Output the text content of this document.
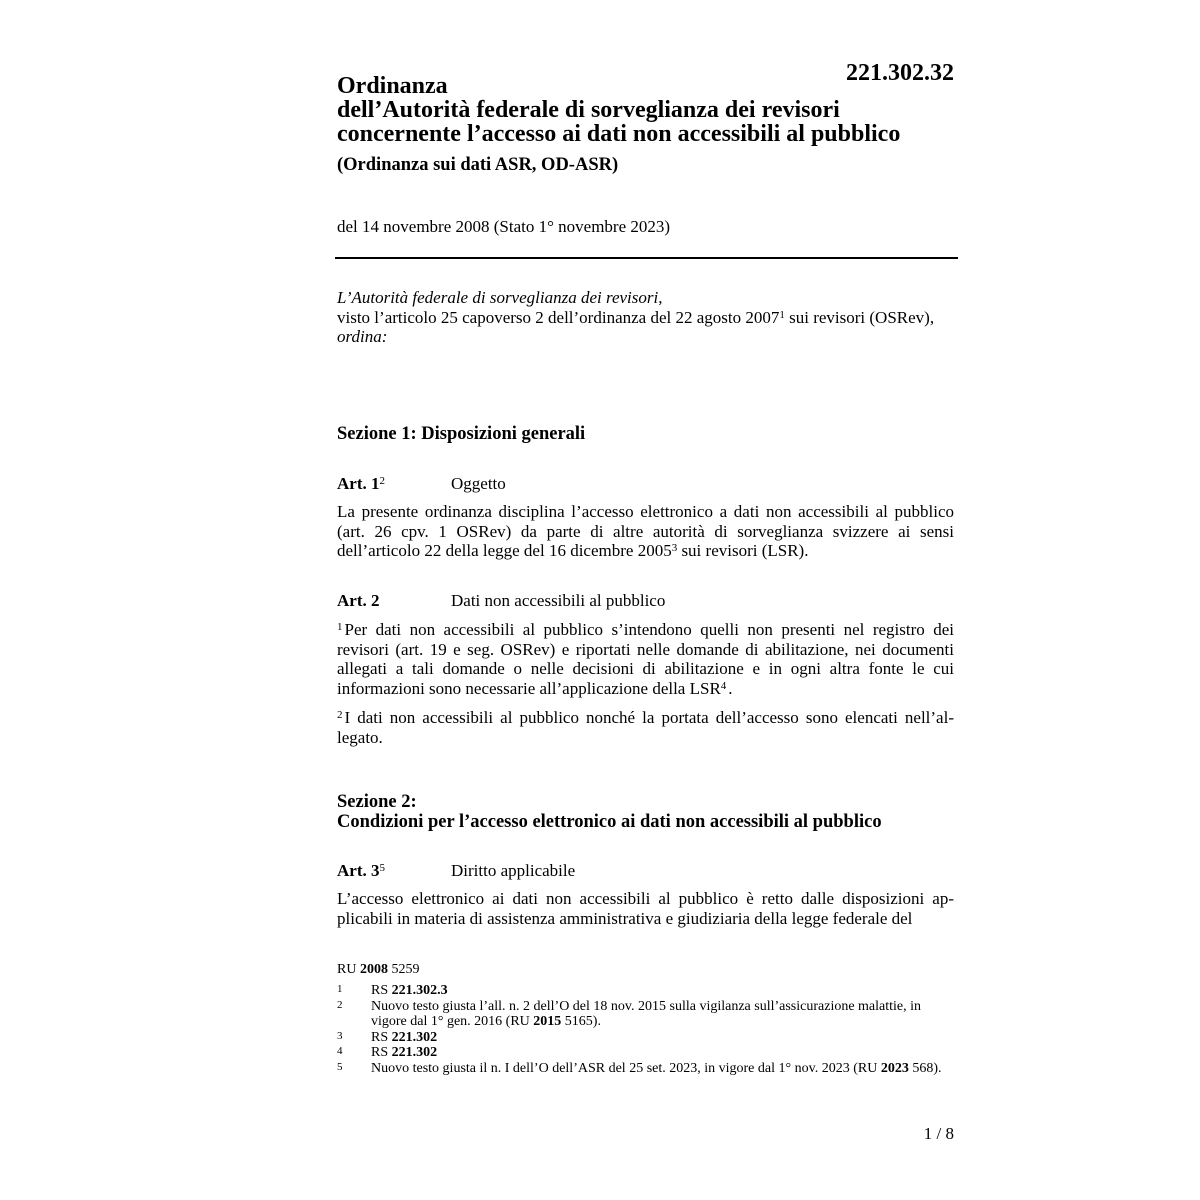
221.302.32
Ordinanza
dell’Autorità federale di sorveglianza dei revisori
concernente l’accesso ai dati non accessibili al pubblico
(Ordinanza sui dati ASR, OD-ASR)
del 14 novembre 2008 (Stato 1° novembre 2023)
L’Autorità federale di sorveglianza dei revisori,
visto l’articolo 25 capoverso 2 dell’ordinanza del 22 agosto 2007$^1$ sui revisori (OSRev),
ordina:
Sezione 1: Disposizioni generali
Art. $1^2$	Oggetto
La presente ordinanza disciplina l’accesso elettronico a dati non accessibili al pubblico (art. 26 cpv. 1 OSRev) da parte di altre autorità di sorveglianza svizzere ai sensi dell’articolo 22 della legge del 16 dicembre 2005$^3$ sui revisori (LSR).
Art. 2	Dati non accessibili al pubblico
$^1$ Per dati non accessibili al pubblico s’intendono quelli non presenti nel registro dei revisori (art. 19 e seg. OSRev) e riportati nelle domande di abilitazione, nei documenti allegati a tali domande o nelle decisioni di abilitazione e in ogni altra fonte le cui informazioni sono necessarie all’applicazione della LSR$^4$ .
$^2$ I dati non accessibili al pubblico nonché la portata dell’accesso sono elencati nell’allegato.
Sezione 2:
Condizioni per l’accesso elettronico ai dati non accessibili al pubblico
Art. $3^5$	Diritto applicabile
L’accesso elettronico ai dati non accessibili al pubblico è retto dalle disposizioni applicabili in materia di assistenza amministrativa e giudiziaria della legge federale del
RU 2008 5259
1	RS 221.302.3
2	Nuovo testo giusta l’all. n. 2 dell’O del 18 nov. 2015 sulla vigilanza sull’assicurazione malattie, in vigore dal 1° gen. 2016 (RU 2015 5165).
3	RS 221.302
4	RS 221.302
5	Nuovo testo giusta il n. I dell’O dell’ASR del 25 set. 2023, in vigore dal 1° nov. 2023 (RU 2023 568).
1 / 8
